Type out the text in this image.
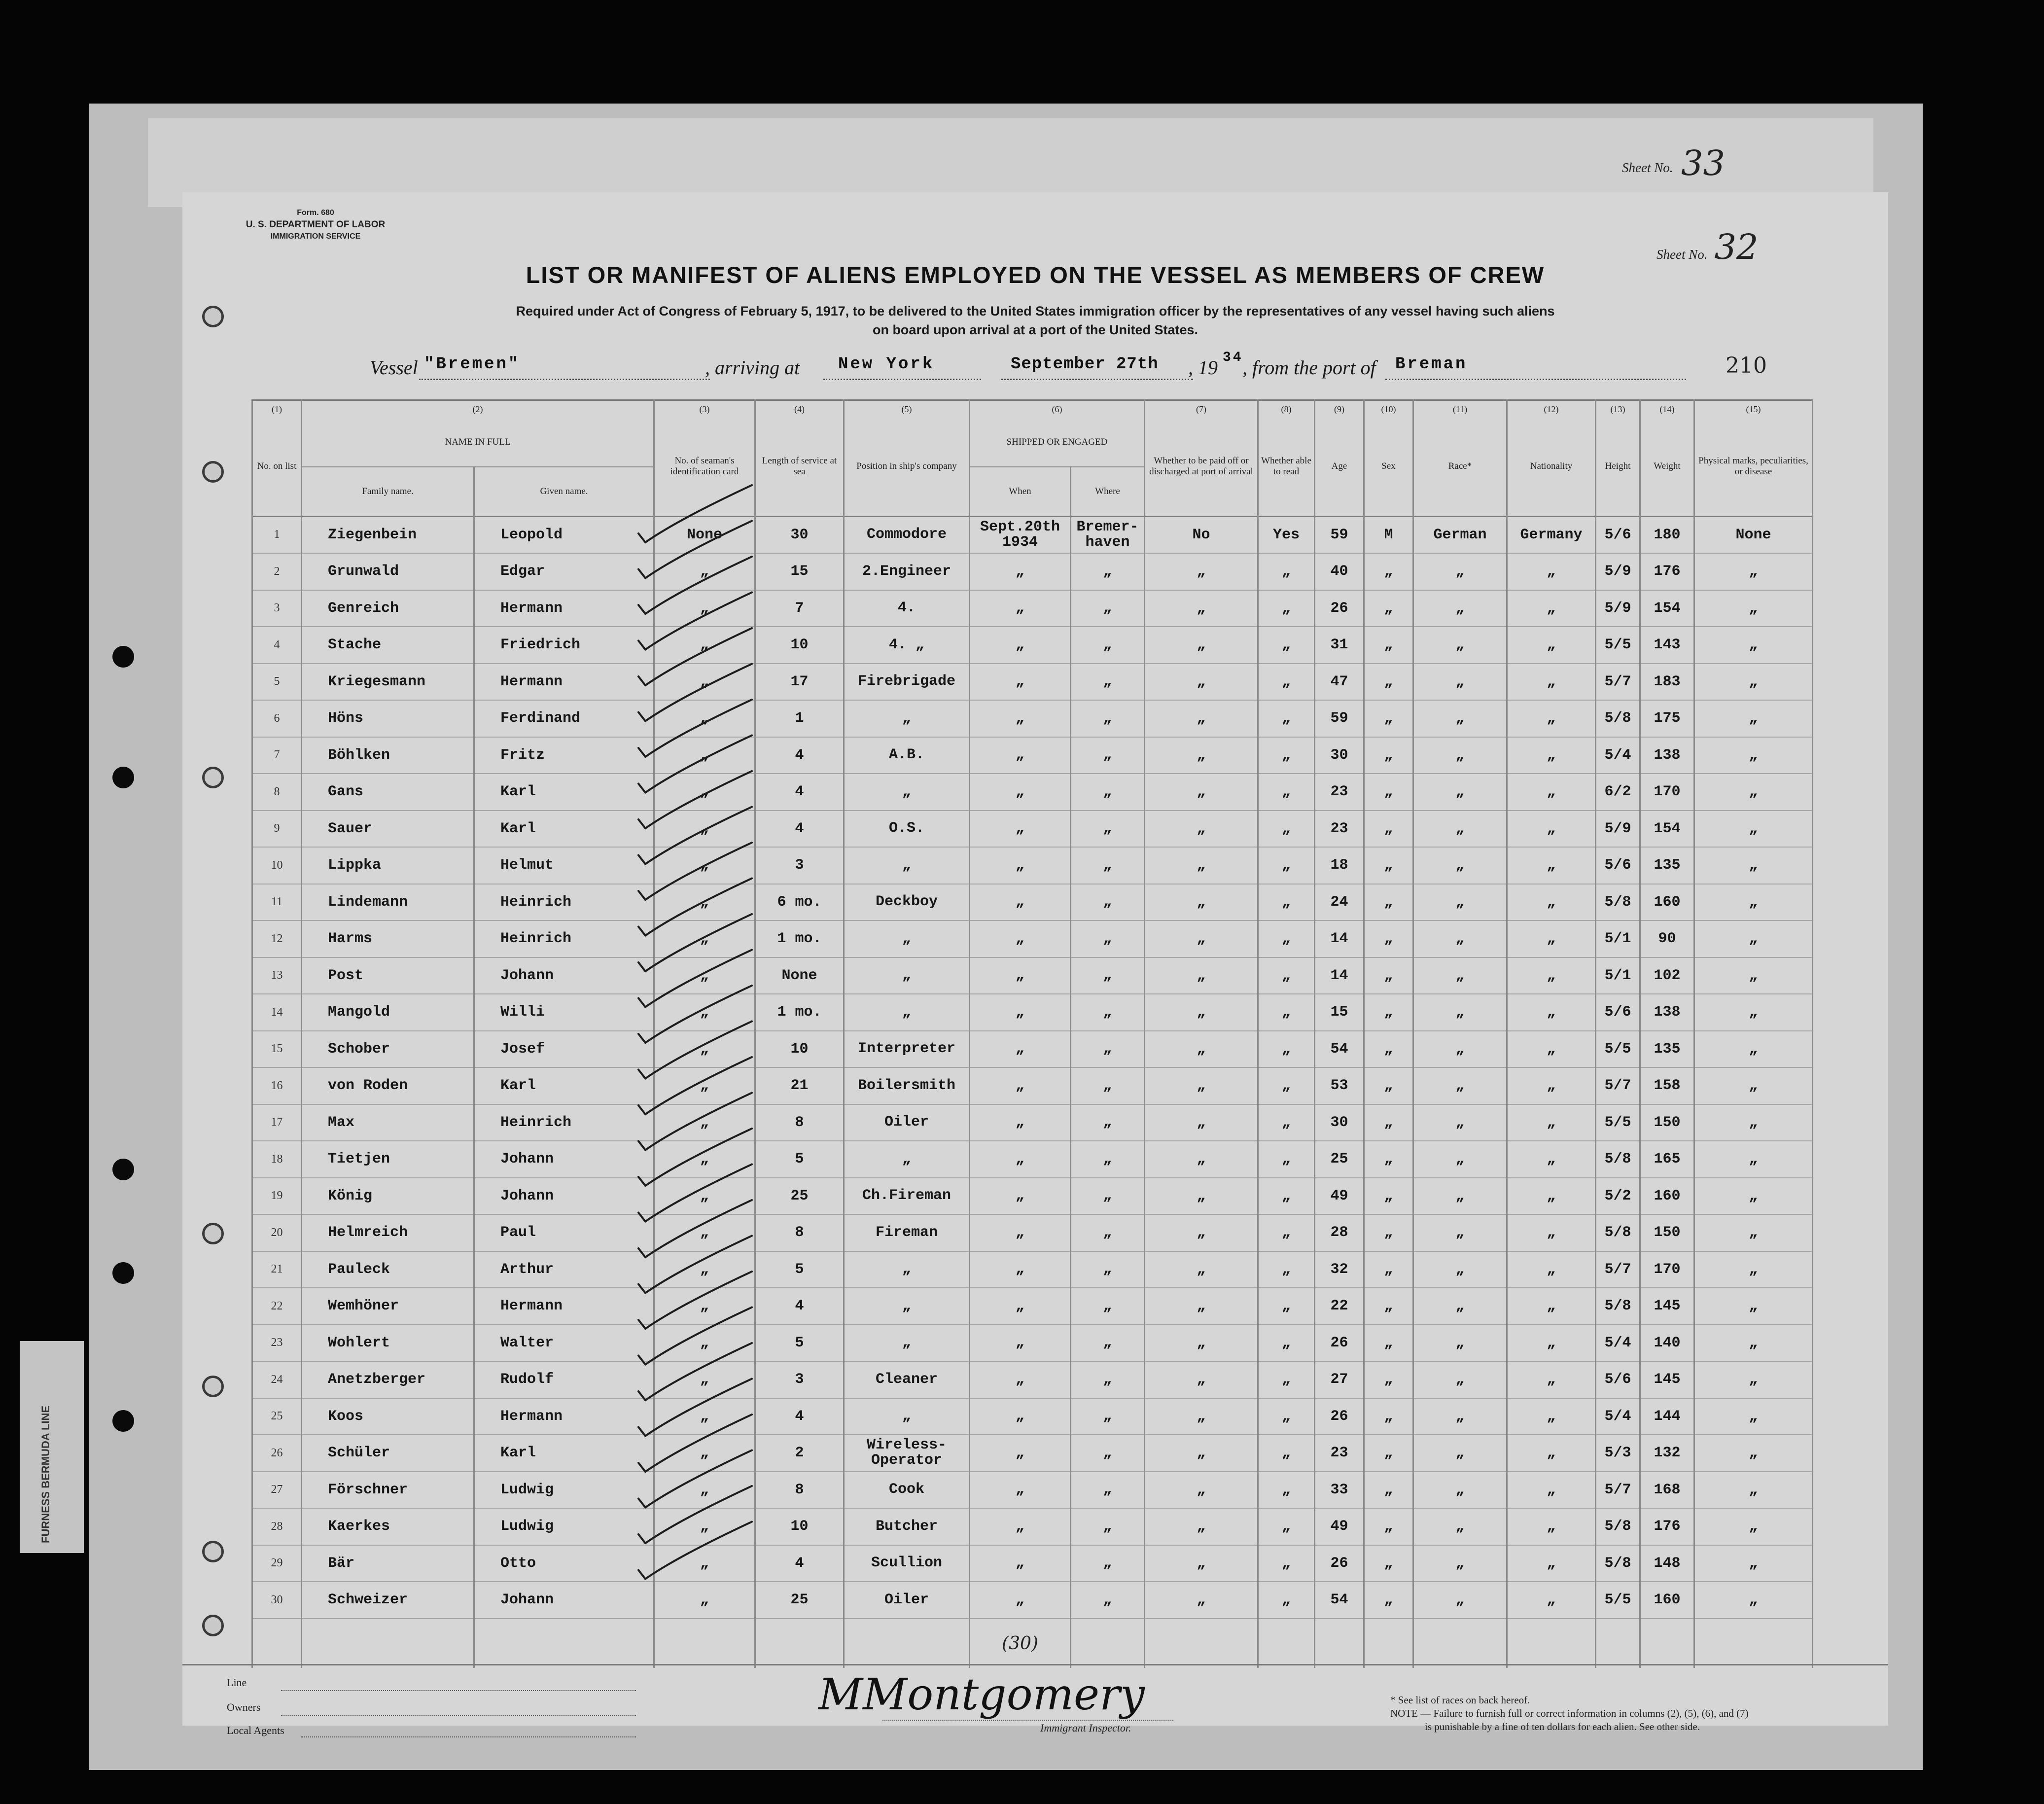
Sheet No. 33
FURNESS BERMUDA LINE
Form. 680
U. S. DEPARTMENT OF LABOR
IMMIGRATION SERVICE
Sheet No. 32
LIST OR MANIFEST OF ALIENS EMPLOYED ON THE VESSEL AS MEMBERS OF CREW
Required under Act of Congress of February 5, 1917, to be delivered to the United States immigration officer by the representatives of any vessel having such aliens
on board upon arrival at a port of the United States.
Vessel "Bremen"	, arriving at New York	September 27th , 19 34
, from the port of Breman	210
(1)	(2)		(3)	(4)	(5)	(6)		(7)	(8)	(9)	(10)	(11)	(12)	(13)	(14)	(15)
No. on list	NAME IN FULL		No. of seaman's identification card	Length of service at sea	Position in ship's company	SHIPPED OR ENGAGED		Whether to be paid off or discharged at port of arrival	Whether able to read	Age	Sex	Race*	Nationality	Height	Weight	Physical marks, peculiarities, or disease
	Family name.	Given name.				When	Where									
1	Ziegenbein	Leopold	None	30	Commodore	Sept.20th 1934	Bremer- haven	No	Yes	59	M	German	Germany	5/6	180	None
2	Grunwald	Edgar	„	15	2.Engineer	„	„	„	„	40	„	„	„	5/9	176	„
3	Genreich	Hermann	„	7	4.	„	„	„	„	26	„	„	„	5/9	154	„
4	Stache	Friedrich	„	10	4. „	„	„	„	„	31	„	„	„	5/5	143	„
5	Kriegesmann	Hermann	„	17	Firebrigade	„	„	„	„	47	„	„	„	5/7	183	„
6	Höns	Ferdinand	„	1	„	„	„	„	„	59	„	„	„	5/8	175	„
7	Böhlken	Fritz	„	4	A.B.	„	„	„	„	30	„	„	„	5/4	138	„
8	Gans	Karl	„	4	„	„	„	„	„	23	„	„	„	6/2	170	„
9	Sauer	Karl	„	4	O.S.	„	„	„	„	23	„	„	„	5/9	154	„
10	Lippka	Helmut	„	3	„	„	„	„	„	18	„	„	„	5/6	135	„
11	Lindemann	Heinrich	„	6 mo.	Deckboy	„	„	„	„	24	„	„	„	5/8	160	„
12	Harms	Heinrich	„	1 mo.	„	„	„	„	„	14	„	„	„	5/1	90	„
13	Post	Johann	„	None	„	„	„	„	„	14	„	„	„	5/1	102	„
14	Mangold	Willi	„	1 mo.	„	„	„	„	„	15	„	„	„	5/6	138	„
15	Schober	Josef	„	10	Interpreter	„	„	„	„	54	„	„	„	5/5	135	„
16	von Roden	Karl	„	21	Boilersmith	„	„	„	„	53	„	„	„	5/7	158	„
17	Max	Heinrich	„	8	Oiler	„	„	„	„	30	„	„	„	5/5	150	„
18	Tietjen	Johann	„	5	„	„	„	„	„	25	„	„	„	5/8	165	„
19	König	Johann	„	25	Ch.Fireman	„	„	„	„	49	„	„	„	5/2	160	„
20	Helmreich	Paul	„	8	Fireman	„	„	„	„	28	„	„	„	5/8	150	„
21	Pauleck	Arthur	„	5	„	„	„	„	„	32	„	„	„	5/7	170	„
22	Wemhöner	Hermann	„	4	„	„	„	„	„	22	„	„	„	5/8	145	„
23	Wohlert	Walter	„	5	„	„	„	„	„	26	„	„	„	5/4	140	„
24	Anetzberger	Rudolf	„	3	Cleaner	„	„	„	„	27	„	„	„	5/6	145	„
25	Koos	Hermann	„	4	„	„	„	„	„	26	„	„	„	5/4	144	„
26	Schüler	Karl	„	2	Wireless- Operator	„	„	„	„	23	„	„	„	5/3	132	„
27	Förschner	Ludwig	„	8	Cook	„	„	„	„	33	„	„	„	5/7	168	„
28	Kaerkes	Ludwig	„	10	Butcher	„	„	„	„	49	„	„	„	5/8	176	„
29	Bär	Otto	„	4	Scullion	„	„	„	„	26	„	„	„	5/8	148	„
30	Schweizer	Johann	„	25	Oiler	„	„	„	„	54	„	„	„	5/5	160	„
						(30)										
Line
Owners
Local Agents
MMontgomery
Immigrant Inspector.
* See list of races on back hereof.
NOTE — Failure to furnish full or correct information in columns (2), (5), (6), and (7)
is punishable by a fine of ten dollars for each alien. See other side.
